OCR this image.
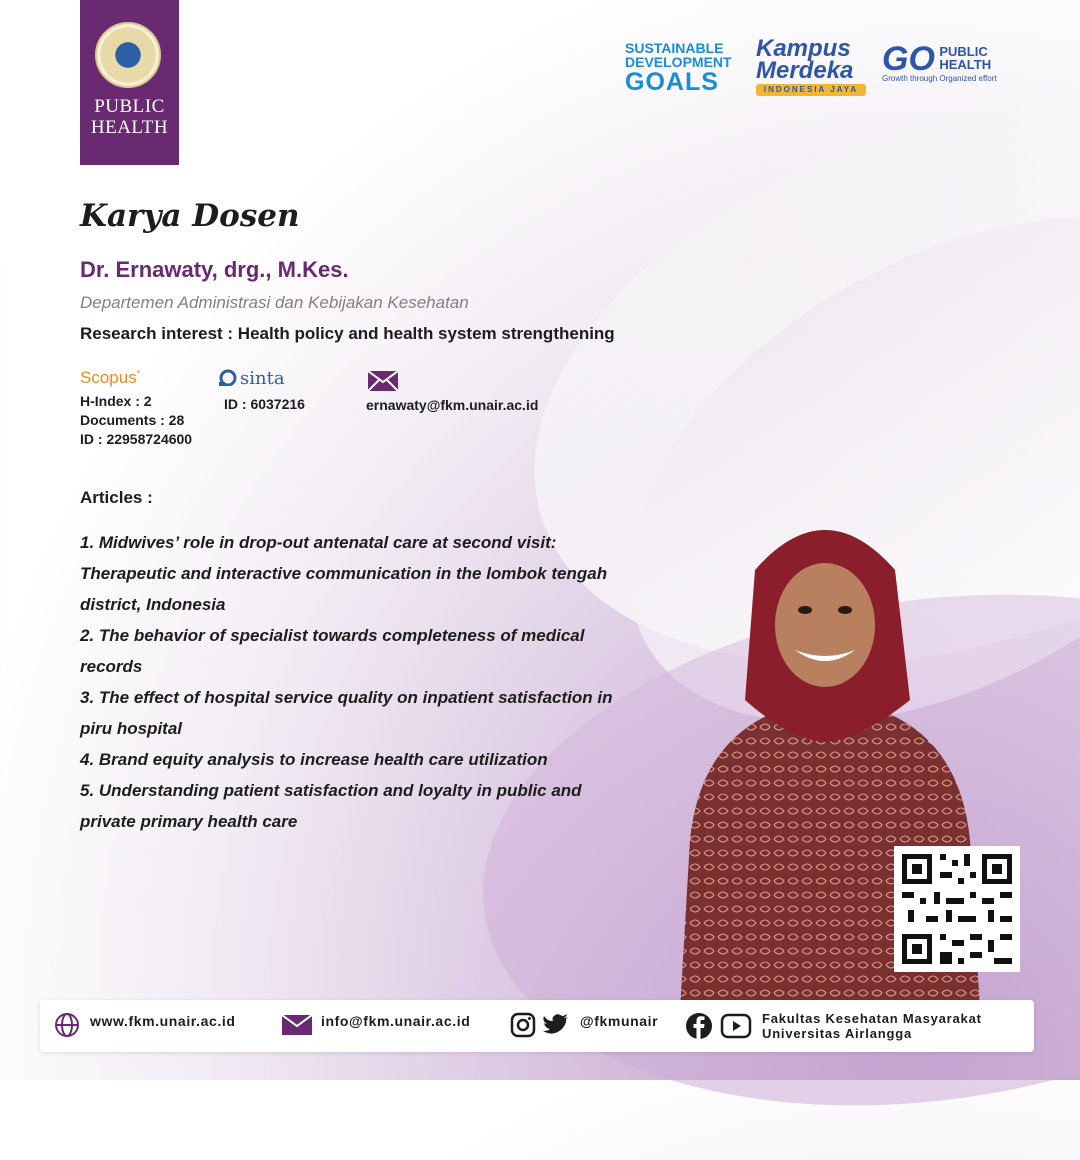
PUBLIC
HEALTH
SUSTAINABLE
DEVELOPMENT
GOALS
Kampus
Merdeka
INDONESIA JAYA
GO PUBLIC
HEALTH
Growth through Organized effort
Karya Dosen
Dr. Ernawaty, drg., M.Kes.
Departemen Administrasi dan Kebijakan Kesehatan
Research interest : Health policy and health system strengthening
Scopus*
H-Index : 2
Documents : 28
ID : 22958724600
sinta
ID : 6037216	ernawaty@fkm.unair.ac.id
Articles :

1. Midwives’ role in drop-out antenatal care at second visit: Therapeutic and interactive communication in the lombok tengah district, Indonesia

2. The behavior of specialist towards completeness of medical records

3. The effect of hospital service quality on inpatient satisfaction in piru hospital

4. Brand equity analysis to increase health care utilization

5. Understanding patient satisfaction and loyalty in public and private primary health care

www.fkm.unair.ac.id	info@fkm.unair.ac.id	@fkmunair	Fakultas Kesehatan Masyarakat
Universitas Airlangga
